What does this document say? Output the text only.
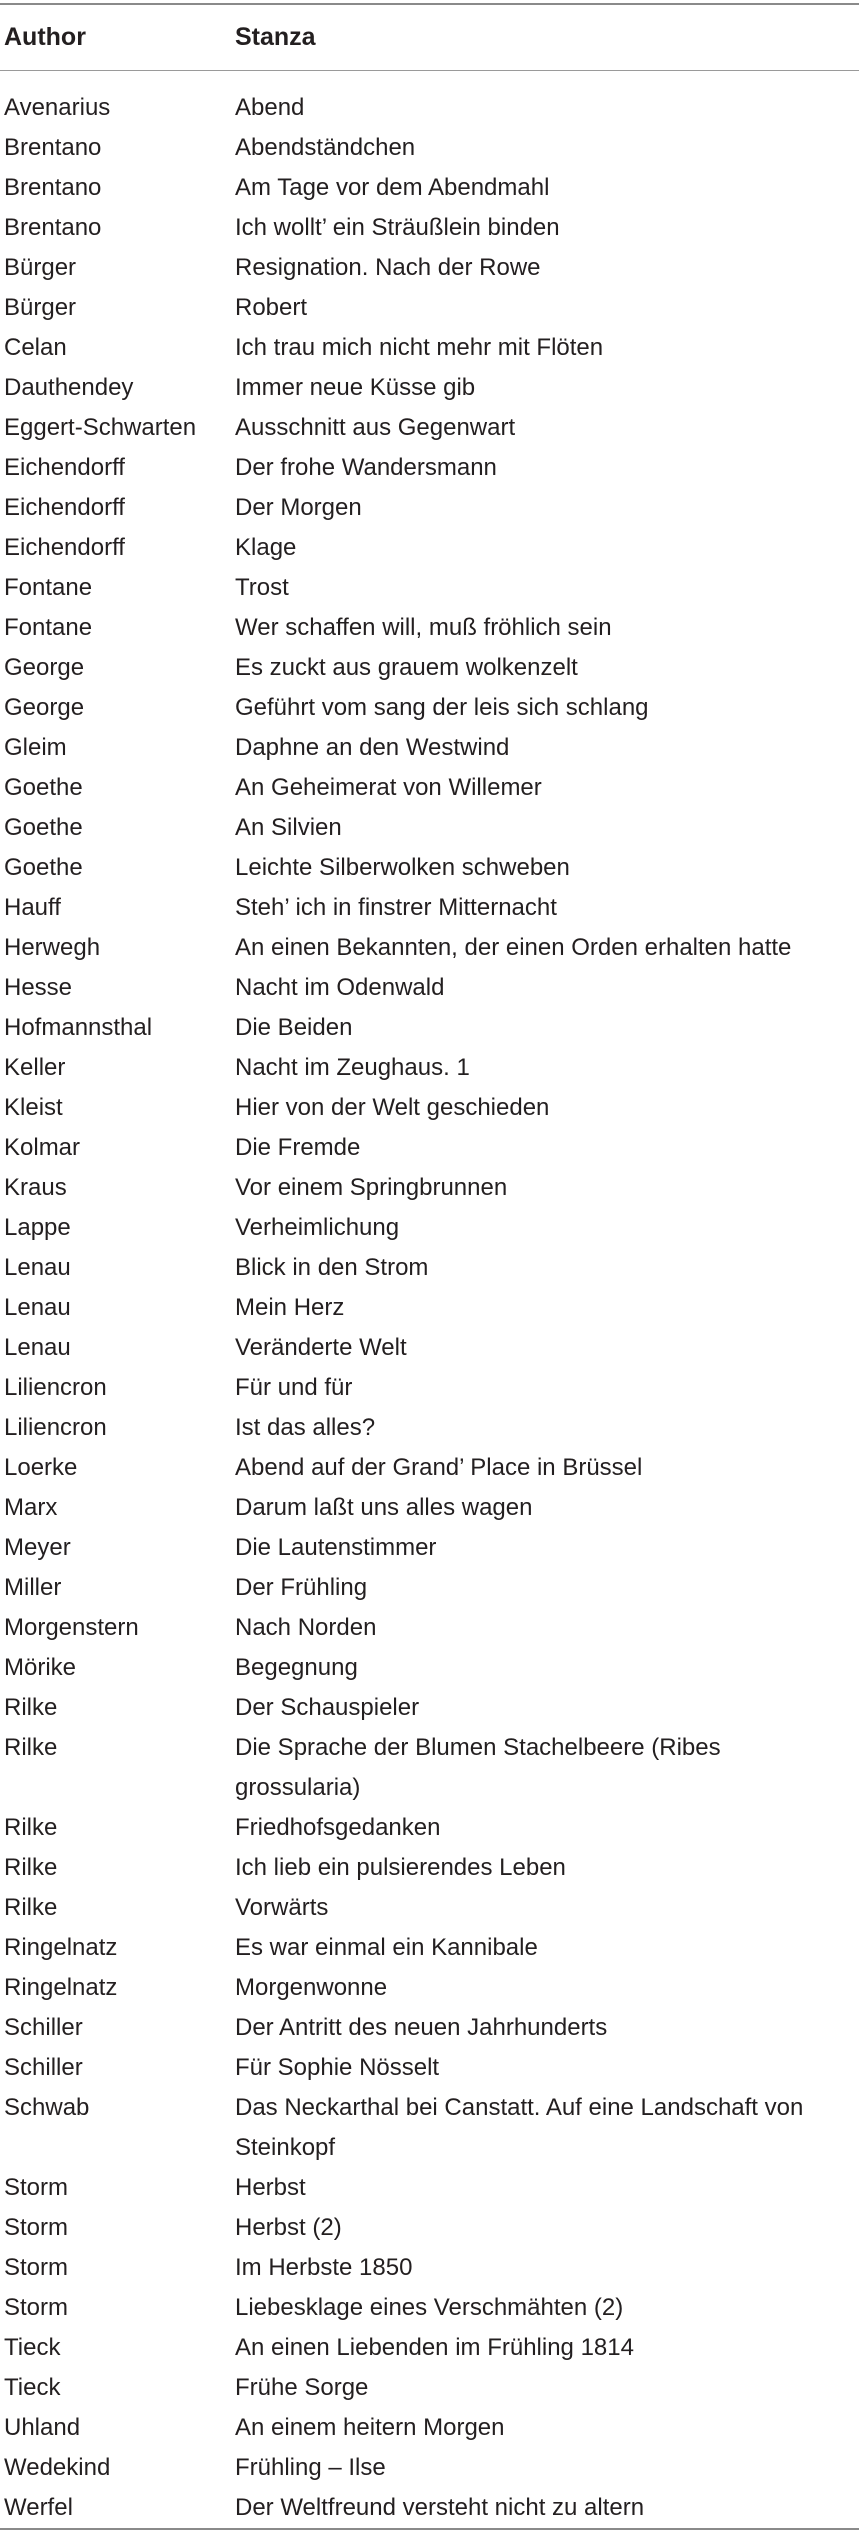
Author	Stanza
Avenarius	Abend
Brentano	Abendständchen
Brentano	Am Tage vor dem Abendmahl
Brentano	Ich wollt’ ein Sträußlein binden
Bürger	Resignation. Nach der Rowe
Bürger	Robert
Celan	Ich trau mich nicht mehr mit Flöten
Dauthendey	Immer neue Küsse gib
Eggert-Schwarten	Ausschnitt aus Gegenwart
Eichendorff	Der frohe Wandersmann
Eichendorff	Der Morgen
Eichendorff	Klage
Fontane	Trost
Fontane	Wer schaffen will, muß fröhlich sein
George	Es zuckt aus grauem wolkenzelt
George	Geführt vom sang der leis sich schlang
Gleim	Daphne an den Westwind
Goethe	An Geheimerat von Willemer
Goethe	An Silvien
Goethe	Leichte Silberwolken schweben
Hauff	Steh’ ich in finstrer Mitternacht
Herwegh	An einen Bekannten, der einen Orden erhalten hatte
Hesse	Nacht im Odenwald
Hofmannsthal	Die Beiden
Keller	Nacht im Zeughaus. 1
Kleist	Hier von der Welt geschieden
Kolmar	Die Fremde
Kraus	Vor einem Springbrunnen
Lappe	Verheimlichung
Lenau	Blick in den Strom
Lenau	Mein Herz
Lenau	Veränderte Welt
Liliencron	Für und für
Liliencron	Ist das alles?
Loerke	Abend auf der Grand’ Place in Brüssel
Marx	Darum laßt uns alles wagen
Meyer	Die Lautenstimmer
Miller	Der Frühling
Morgenstern	Nach Norden
Mörike	Begegnung
Rilke	Der Schauspieler
Rilke	Die Sprache der Blumen Stachelbeere (Ribes grossularia)
Rilke	Friedhofsgedanken
Rilke	Ich lieb ein pulsierendes Leben
Rilke	Vorwärts
Ringelnatz	Es war einmal ein Kannibale
Ringelnatz	Morgenwonne
Schiller	Der Antritt des neuen Jahrhunderts
Schiller	Für Sophie Nösselt
Schwab	Das Neckarthal bei Canstatt. Auf eine Landschaft von Steinkopf
Storm	Herbst
Storm	Herbst (2)
Storm	Im Herbste 1850
Storm	Liebesklage eines Verschmähten (2)
Tieck	An einen Liebenden im Frühling 1814
Tieck	Frühe Sorge
Uhland	An einem heitern Morgen
Wedekind	Frühling – Ilse
Werfel	Der Weltfreund versteht nicht zu altern
